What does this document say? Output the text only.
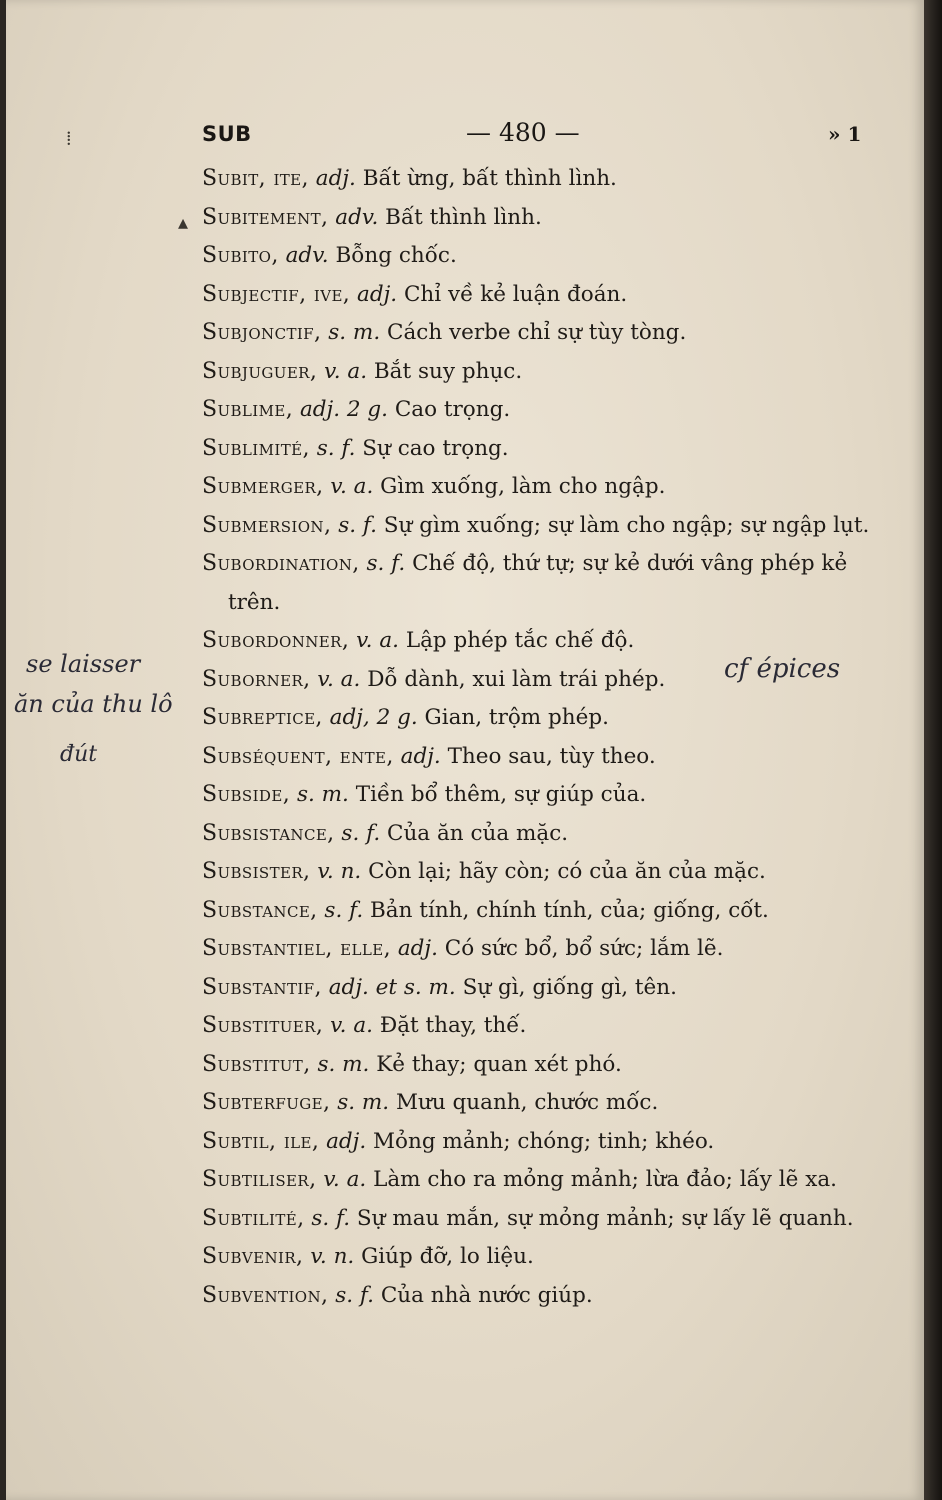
SUB	— 480 —	» 1
⁞
▴
Subit, ite, adj. Bất ừng, bất thình lình.
Subitement, adv. Bất thình lình.
Subito, adv. Bỗng chốc.
Subjectif, ive, adj. Chỉ về kẻ luận đoán.
Subjonctif, s. m. Cách verbe chỉ sự tùy tòng.
Subjuguer, v. a. Bắt suy phục.
Sublime, adj. 2 g. Cao trọng.
Sublimité, s. f. Sự cao trọng.
Submerger, v. a. Gìm xuống, làm cho ngập.
Submersion, s. f. Sự gìm xuống; sự làm cho ngập; sự ngập lụt.
Subordination, s. f. Chế độ, thứ tự; sự kẻ dưới vâng phép kẻ
trên.
Subordonner, v. a. Lập phép tắc chế độ.
Suborner, v. a. Dỗ dành, xui làm trái phép.
Subreptice, adj, 2 g. Gian, trộm phép.
Subséquent, ente, adj. Theo sau, tùy theo.
Subside, s. m. Tiền bổ thêm, sự giúp của.
Subsistance, s. f. Của ăn của mặc.
Subsister, v. n. Còn lại; hãy còn; có của ăn của mặc.
Substance, s. f. Bản tính, chính tính, của; giống, cốt.
Substantiel, elle, adj. Có sức bổ, bổ sức; lắm lẽ.
Substantif, adj. et s. m. Sự gì, giống gì, tên.
Substituer, v. a. Đặt thay, thế.
Substitut, s. m. Kẻ thay; quan xét phó.
Subterfuge, s. m. Mưu quanh, chước mốc.
Subtil, ile, adj. Mỏng mảnh; chóng; tinh; khéo.
Subtiliser, v. a. Làm cho ra mỏng mảnh; lừa đảo; lấy lẽ xa.
Subtilité, s. f. Sự mau mắn, sự mỏng mảnh; sự lấy lẽ quanh.
Subvenir, v. n. Giúp đỡ, lo liệu.
Subvention, s. f. Của nhà nước giúp.
se laisser
ăn của thu lô
đút
cf épices
